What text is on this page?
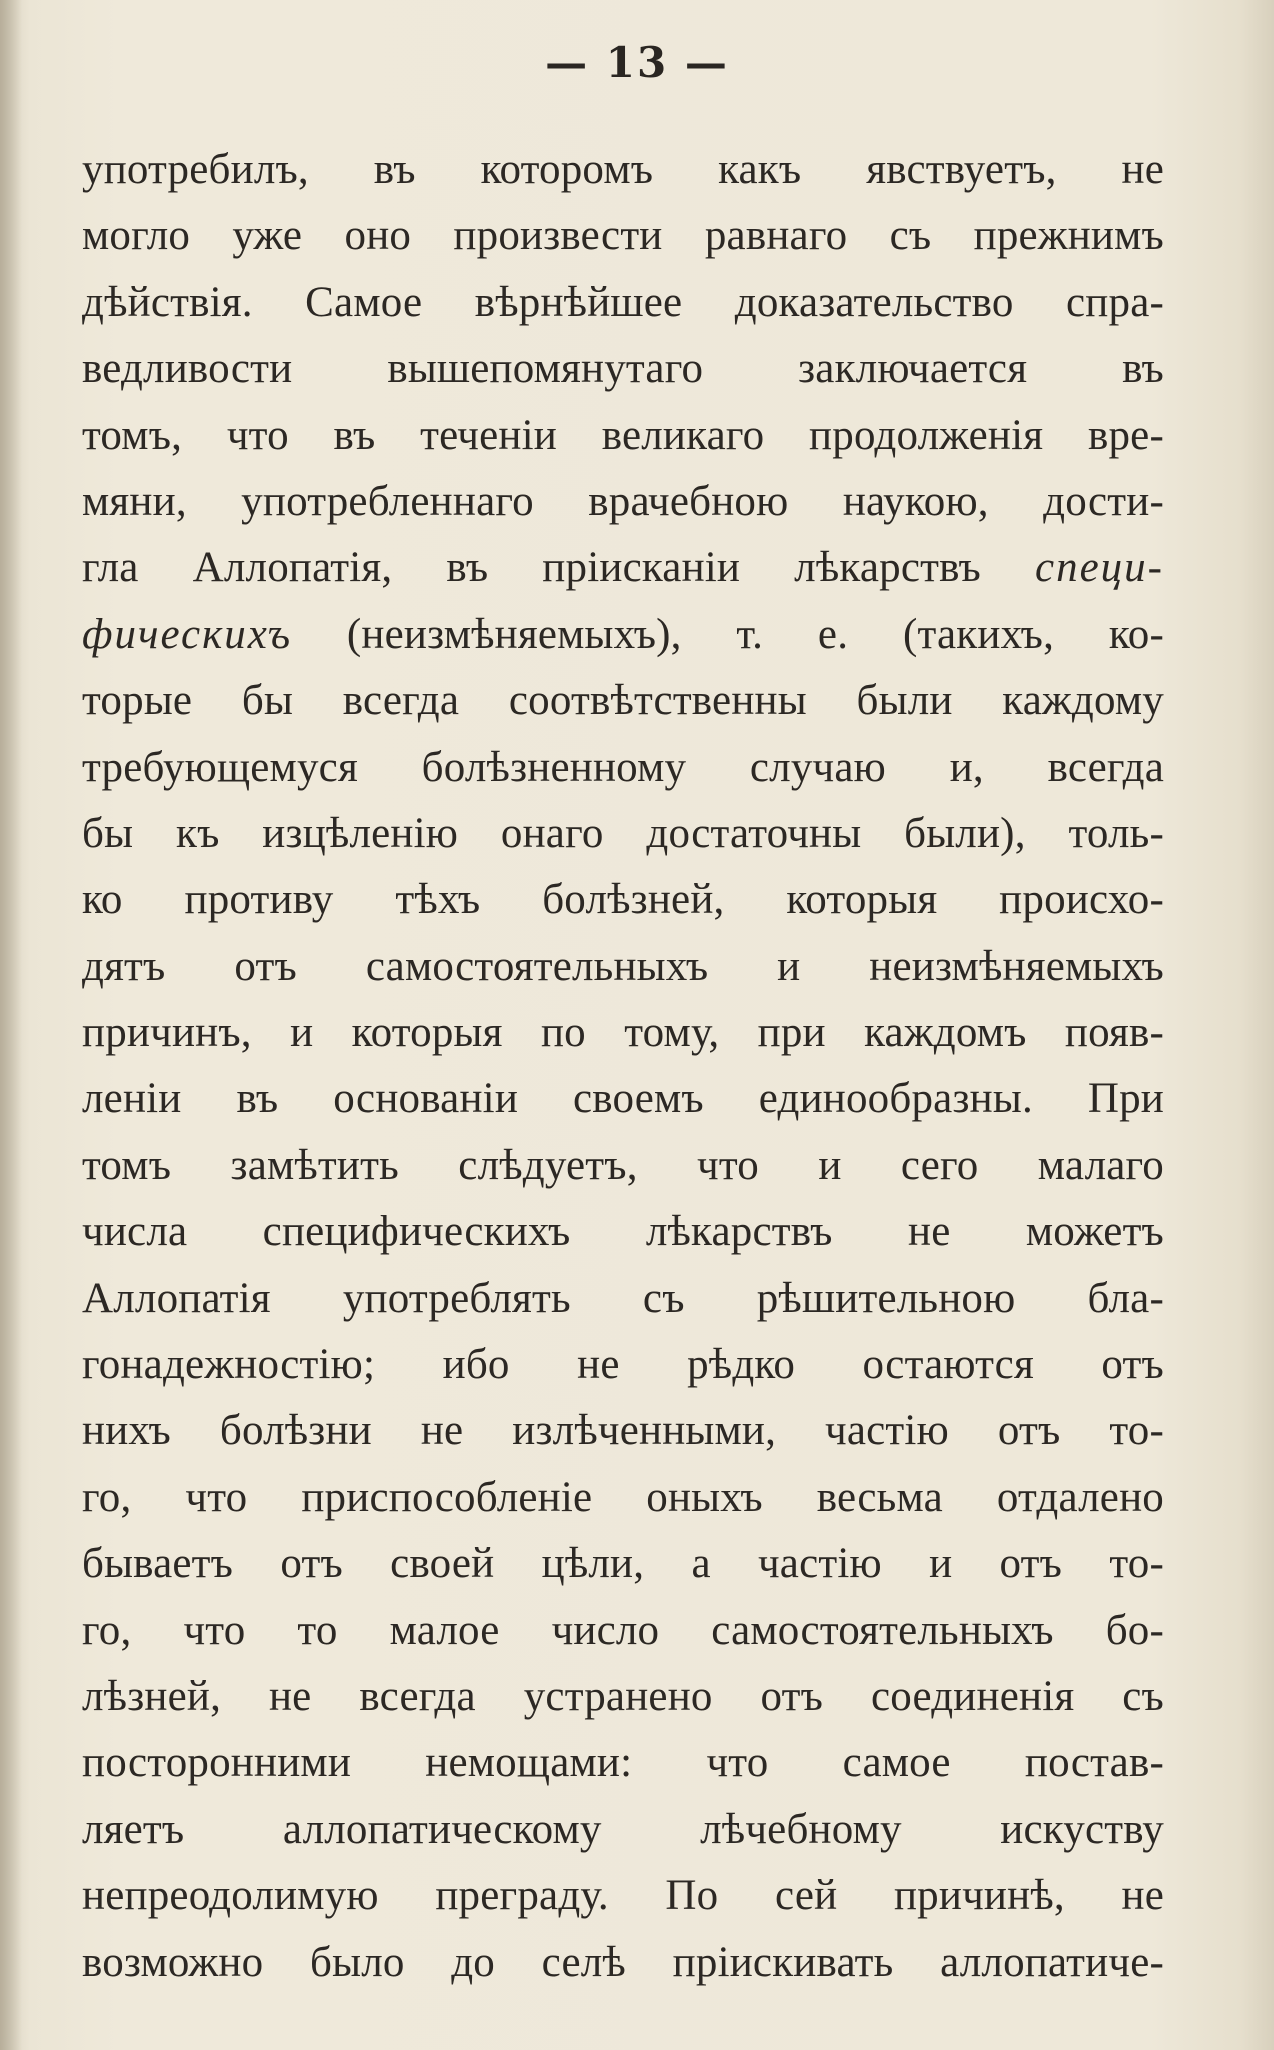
— 13 —
употребилъ, въ которомъ какъ явствуетъ, не
могло уже оно произвести равнаго съ прежнимъ
дѣйствія. Самое вѣрнѣйшее доказательство спра-
ведливости вышепомянутаго заключается въ
томъ, что въ теченіи великаго продолженія вре-
мяни, употребленнаго врачебною наукою, дости-
гла Аллопатія, въ пріисканіи лѣкарствъ специ-
фическихъ (неизмѣняемыхъ), т. е. (такихъ, ко-
торые бы всегда соотвѣтственны были каждому
требующемуся болѣзненному случаю и, всегда
бы къ изцѣленію онаго достаточны были), толь-
ко противу тѣхъ болѣзней, которыя происхо-
дятъ отъ самостоятельныхъ и неизмѣняемыхъ
причинъ, и которыя по тому, при каждомъ появ-
леніи въ основаніи своемъ единообразны. При
томъ замѣтить слѣдуетъ, что и сего малаго
числа специфическихъ лѣкарствъ не можетъ
Аллопатія употреблять съ рѣшительною бла-
гонадежностію; ибо не рѣдко остаются отъ
нихъ болѣзни не излѣченными, частію отъ то-
го, что приспособленіе оныхъ весьма отдалено
бываетъ отъ своей цѣли, а частію и отъ то-
го, что то малое число самостоятельныхъ бо-
лѣзней, не всегда устранено отъ соединенія съ
посторонними немощами: что самое постав-
ляетъ аллопатическому лѣчебному искуству
непреодолимую преграду. По сей причинѣ, не
возможно было до селѣ пріискивать аллопатиче-
